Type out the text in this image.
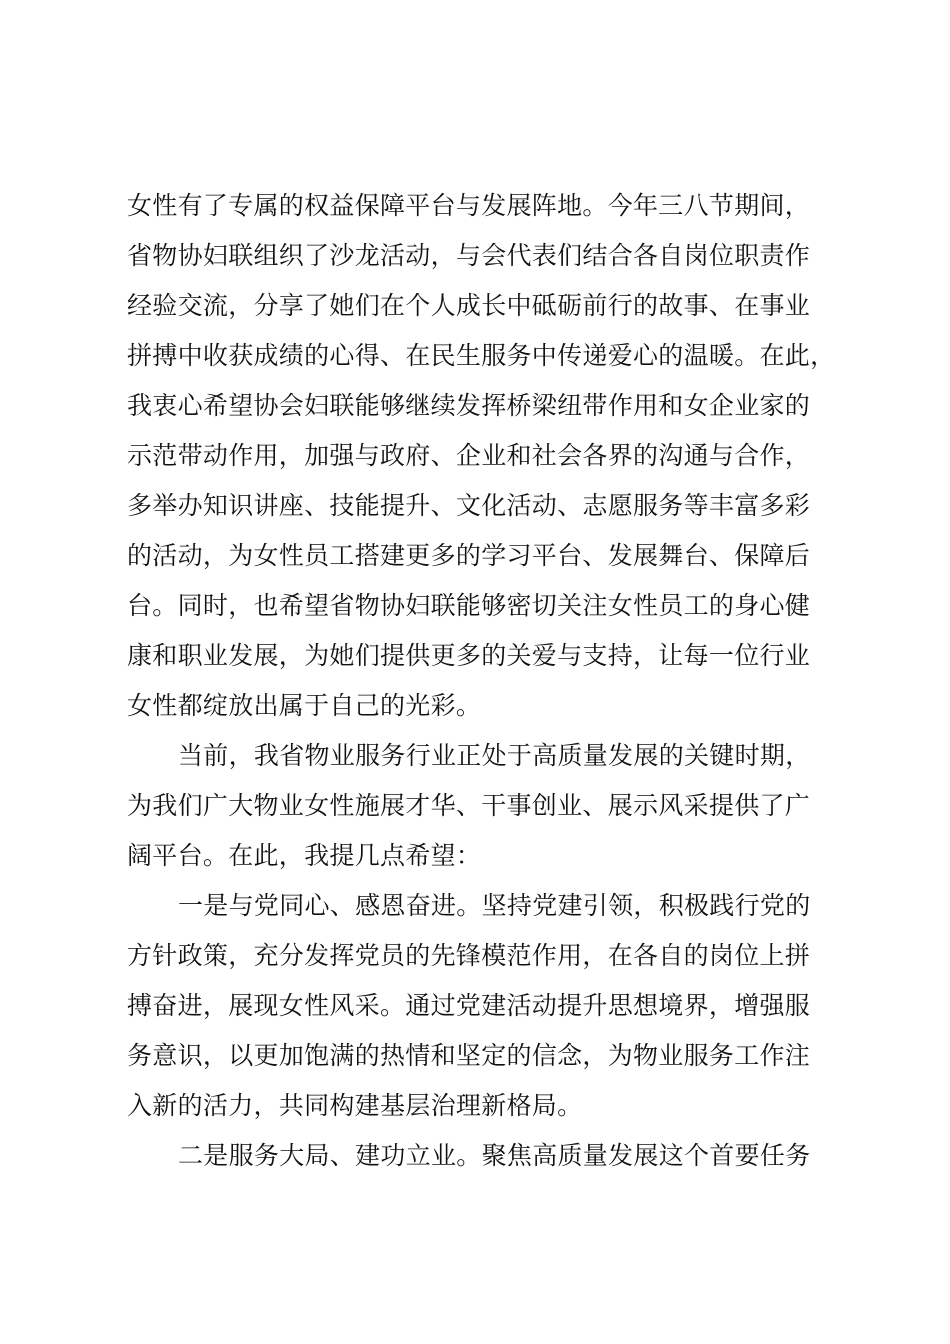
女性有了专属的权益保障平台与发展阵地。今年三八节期间，
省物协妇联组织了沙龙活动，与会代表们结合各自岗位职责作
经验交流，分享了她们在个人成长中砥砺前行的故事、在事业
拼搏中收获成绩的心得、在民生服务中传递爱心的温暖。在此，
我衷心希望协会妇联能够继续发挥桥梁纽带作用和女企业家的
示范带动作用，加强与政府、企业和社会各界的沟通与合作，
多举办知识讲座、技能提升、文化活动、志愿服务等丰富多彩
的活动，为女性员工搭建更多的学习平台、发展舞台、保障后
台。同时，也希望省物协妇联能够密切关注女性员工的身心健
康和职业发展，为她们提供更多的关爱与支持，让每一位行业
女性都绽放出属于自己的光彩。
当前，我省物业服务行业正处于高质量发展的关键时期，
为我们广大物业女性施展才华、干事创业、展示风采提供了广
阔平台。在此，我提几点希望：
一是与党同心、感恩奋进。坚持党建引领，积极践行党的
方针政策，充分发挥党员的先锋模范作用，在各自的岗位上拼
搏奋进，展现女性风采。通过党建活动提升思想境界，增强服
务意识，以更加饱满的热情和坚定的信念，为物业服务工作注
入新的活力，共同构建基层治理新格局。
二是服务大局、建功立业。聚焦高质量发展这个首要任务
